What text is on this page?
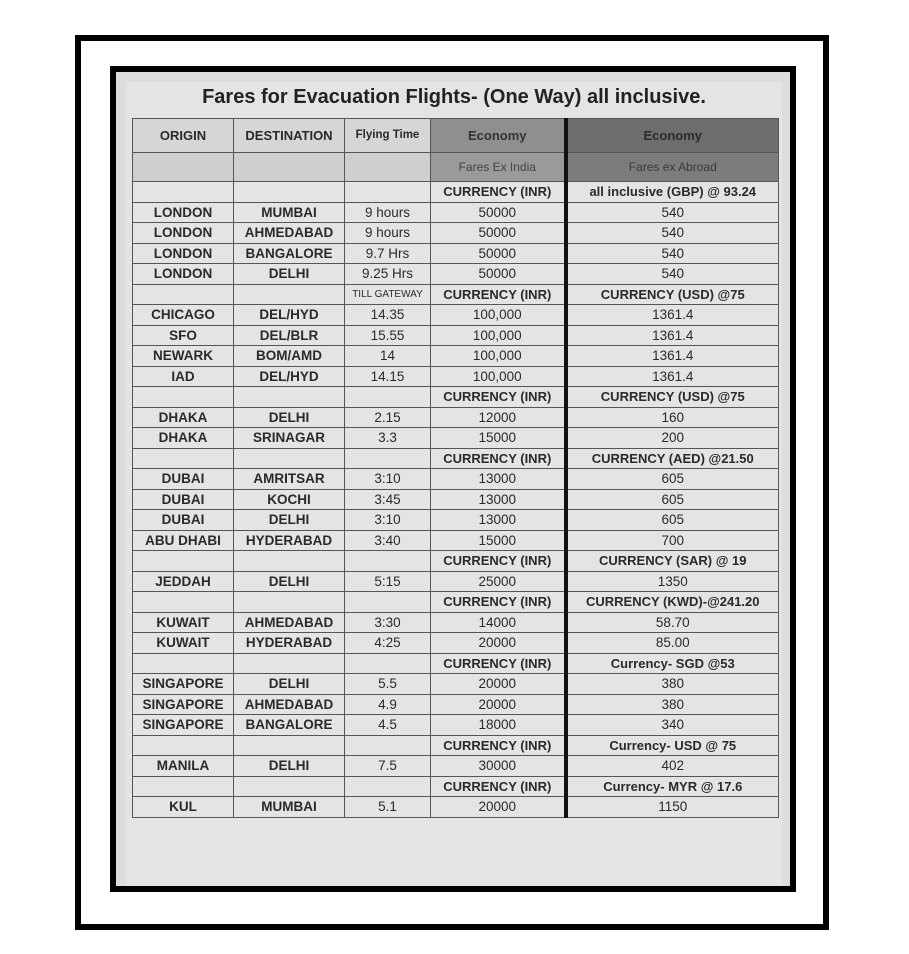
Fares for Evacuation Flights- (One Way) all inclusive.
ORIGIN	DESTINATION	Flying Time	Economy	Economy
			Fares Ex India	Fares ex Abroad
			CURRENCY (INR)	all inclusive (GBP) @ 93.24
LONDON	MUMBAI	9 hours	50000	540
LONDON	AHMEDABAD	9 hours	50000	540
LONDON	BANGALORE	9.7 Hrs	50000	540
LONDON	DELHI	9.25 Hrs	50000	540
		TILL GATEWAY	CURRENCY (INR)	CURRENCY (USD) @75
CHICAGO	DEL/HYD	14.35	100,000	1361.4
SFO	DEL/BLR	15.55	100,000	1361.4
NEWARK	BOM/AMD	14	100,000	1361.4
IAD	DEL/HYD	14.15	100,000	1361.4
			CURRENCY (INR)	CURRENCY (USD) @75
DHAKA	DELHI	2.15	12000	160
DHAKA	SRINAGAR	3.3	15000	200
			CURRENCY (INR)	CURRENCY (AED) @21.50
DUBAI	AMRITSAR	3:10	13000	605
DUBAI	KOCHI	3:45	13000	605
DUBAI	DELHI	3:10	13000	605
ABU DHABI	HYDERABAD	3:40	15000	700
			CURRENCY (INR)	CURRENCY (SAR) @ 19
JEDDAH	DELHI	5:15	25000	1350
			CURRENCY (INR)	CURRENCY (KWD)-@241.20
KUWAIT	AHMEDABAD	3:30	14000	58.70
KUWAIT	HYDERABAD	4:25	20000	85.00
			CURRENCY (INR)	Currency- SGD @53
SINGAPORE	DELHI	5.5	20000	380
SINGAPORE	AHMEDABAD	4.9	20000	380
SINGAPORE	BANGALORE	4.5	18000	340
			CURRENCY (INR)	Currency- USD @ 75
MANILA	DELHI	7.5	30000	402
			CURRENCY (INR)	Currency- MYR @ 17.6
KUL	MUMBAI	5.1	20000	1150
